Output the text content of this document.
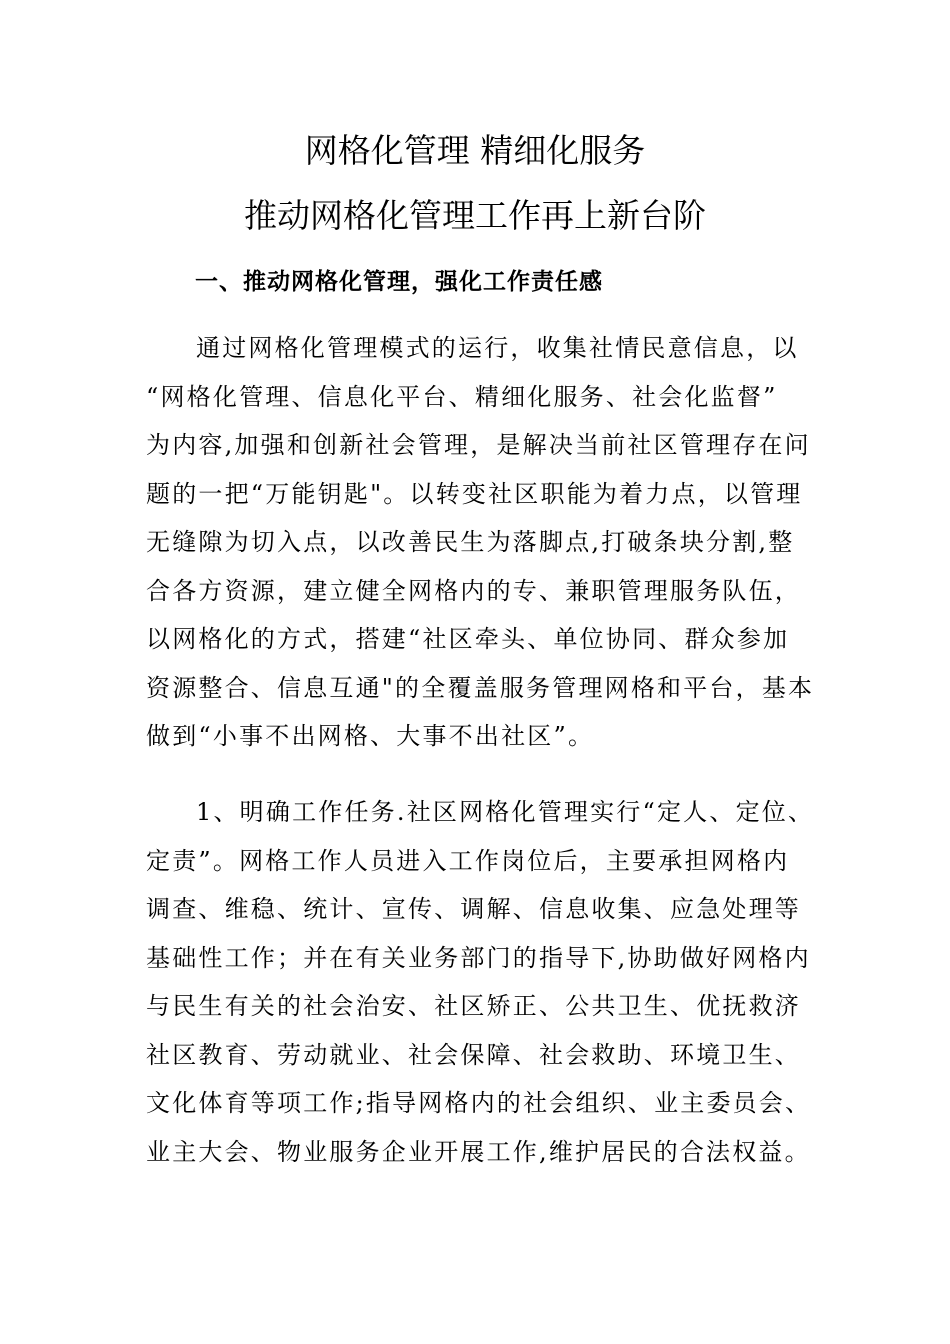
网格化管理 精细化服务
推动网格化管理工作再上新台阶
一、推动网格化管理，强化工作责任感
通过网格化管理模式的运行，收集社情民意信息，以
“网格化管理、信息化平台、精细化服务、社会化监督”
为内容,加强和创新社会管理，是解决当前社区管理存在问
题的一把“万能钥匙"。以转变社区职能为着力点，以管理
无缝隙为切入点，以改善民生为落脚点,打破条块分割,整
合各方资源，建立健全网格内的专、兼职管理服务队伍，
以网格化的方式，搭建“社区牵头、单位协同、群众参加
资源整合、信息互通"的全覆盖服务管理网格和平台，基本
做到“小事不出网格、大事不出社区”。
1、明确工作任务.社区网格化管理实行“定人、定位、
定责”。网格工作人员进入工作岗位后，主要承担网格内
调查、维稳、统计、宣传、调解、信息收集、应急处理等
基础性工作；并在有关业务部门的指导下,协助做好网格内
与民生有关的社会治安、社区矫正、公共卫生、优抚救济
社区教育、劳动就业、社会保障、社会救助、环境卫生、
文化体育等项工作;指导网格内的社会组织、业主委员会、
业主大会、物业服务企业开展工作,维护居民的合法权益。
